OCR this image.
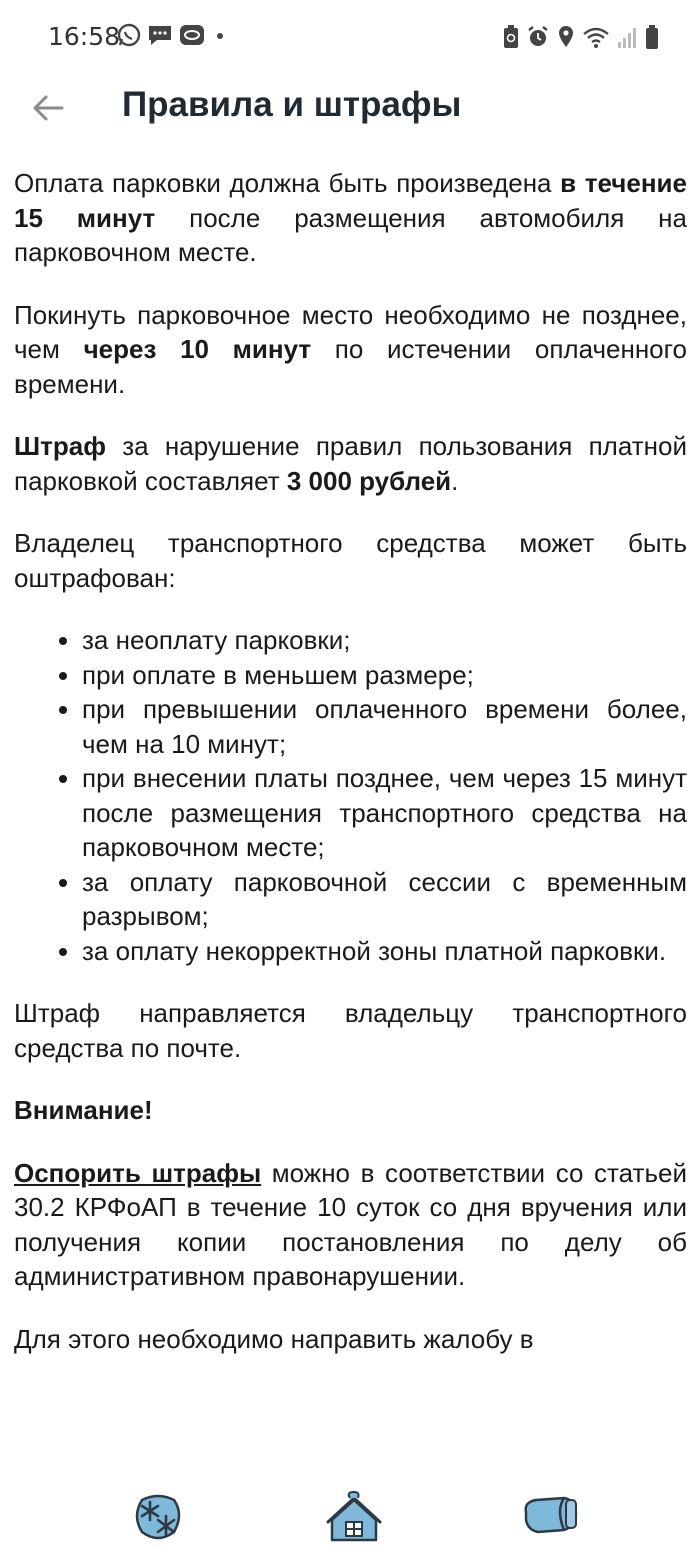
16:58
Правила и штрафы

Оплата парковки должна быть произведена в течение 15 минут после размещения автомобиля на парковочном месте.

Покинуть парковочное место необходимо не позднее, чем через 10 минут по истечении оплаченного времени.

Штраф за нарушение правил пользования платной парковкой составляет 3 000 рублей.

Владелец транспортного средства может быть оштрафован:

• за неоплату парковки;
• при оплате в меньшем размере;
• при превышении оплаченного времени более, чем на 10 минут;
• при внесении платы позднее, чем через 15 минут после размещения транспортного средства на парковочном месте;
• за оплату парковочной сессии с временным разрывом;
• за оплату некорректной зоны платной парковки.

Штраф направляется владельцу транспортного средства по почте.

Внимание!

Оспорить штрафы можно в соответствии со статьей 30.2 КРФоАП в течение 10 суток со дня вручения или получения копии постановления по делу об административном правонарушении.

Для этого необходимо направить жалобу в
